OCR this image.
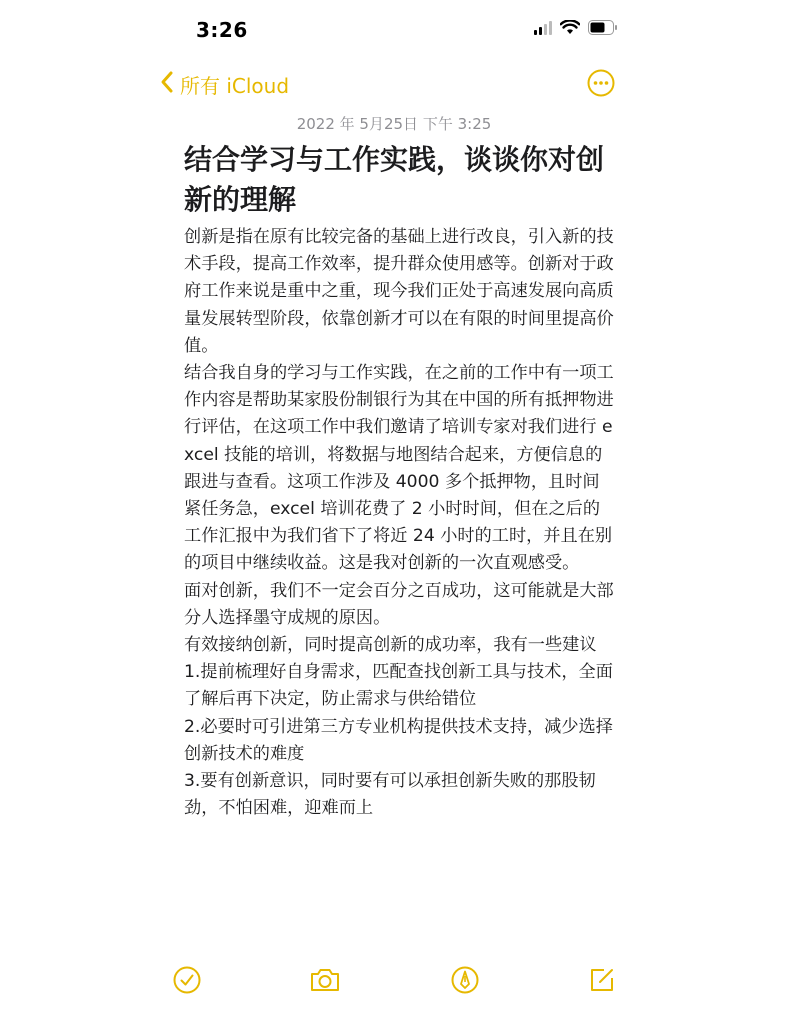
3:26
所有 iCloud
2022 年 5月25日 下午 3:25
结合学习与工作实践，谈谈你对创新的理解

创新是指在原有比较完备的基础上进行改良，引入新的技术手段，提高工作效率，提升群众使用感等。创新对于政府工作来说是重中之重，现今我们正处于高速发展向高质量发展转型阶段，依靠创新才可以在有限的时间里提高价值。

结合我自身的学习与工作实践，在之前的工作中有一项工作内容是帮助某家股份制银行为其在中国的所有抵押物进行评估，在这项工作中我们邀请了培训专家对我们进行 excel 技能的培训，将数据与地图结合起来，方便信息的跟进与查看。这项工作涉及 4000 多个抵押物，且时间紧任务急，excel 培训花费了 2 小时时间，但在之后的工作汇报中为我们省下了将近 24 小时的工时，并且在别的项目中继续收益。这是我对创新的一次直观感受。

面对创新，我们不一定会百分之百成功，这可能就是大部分人选择墨守成规的原因。

有效接纳创新，同时提高创新的成功率，我有一些建议 1.提前梳理好自身需求，匹配查找创新工具与技术，全面了解后再下决定，防止需求与供给错位

2.必要时可引进第三方专业机构提供技术支持，减少选择创新技术的难度

3.要有创新意识，同时要有可以承担创新失败的那股韧劲，不怕困难，迎难而上
